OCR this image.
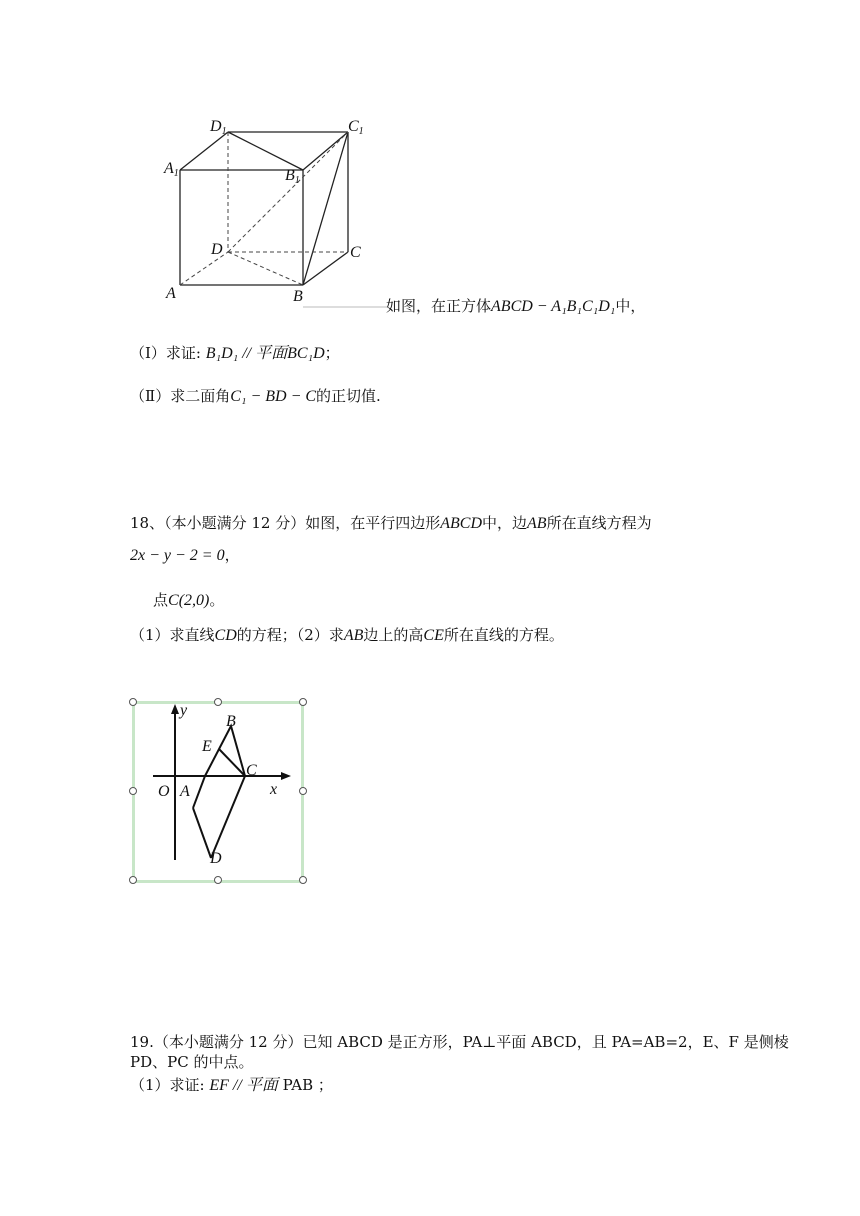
$D_1$	$C_1$
$A_1$	$B_1$
D	C
A	B
如图，在正方体ABCD − A₁B₁C₁D₁中，
（Ⅰ）求证: B₁D₁ // 平面BC₁D；
（Ⅱ）求二面角C₁ − BD − C的正切值.
18、（本小题满分 12 分）如图，在平行四边形ABCD中，边AB所在直线方程为
2x − y − 2 = 0，
点C(2,0)。
（1）求直线CD的方程；（2）求AB边上的高CE所在直线的方程。
y
x
O A
B
C
D
E
19.（本小题满分 12 分）已知 ABCD 是正方形，PA⊥平面 ABCD，且 PA=AB=2，E、F 是侧棱
PD、PC 的中点。
（1）求证: EF // 平面 PAB ；
